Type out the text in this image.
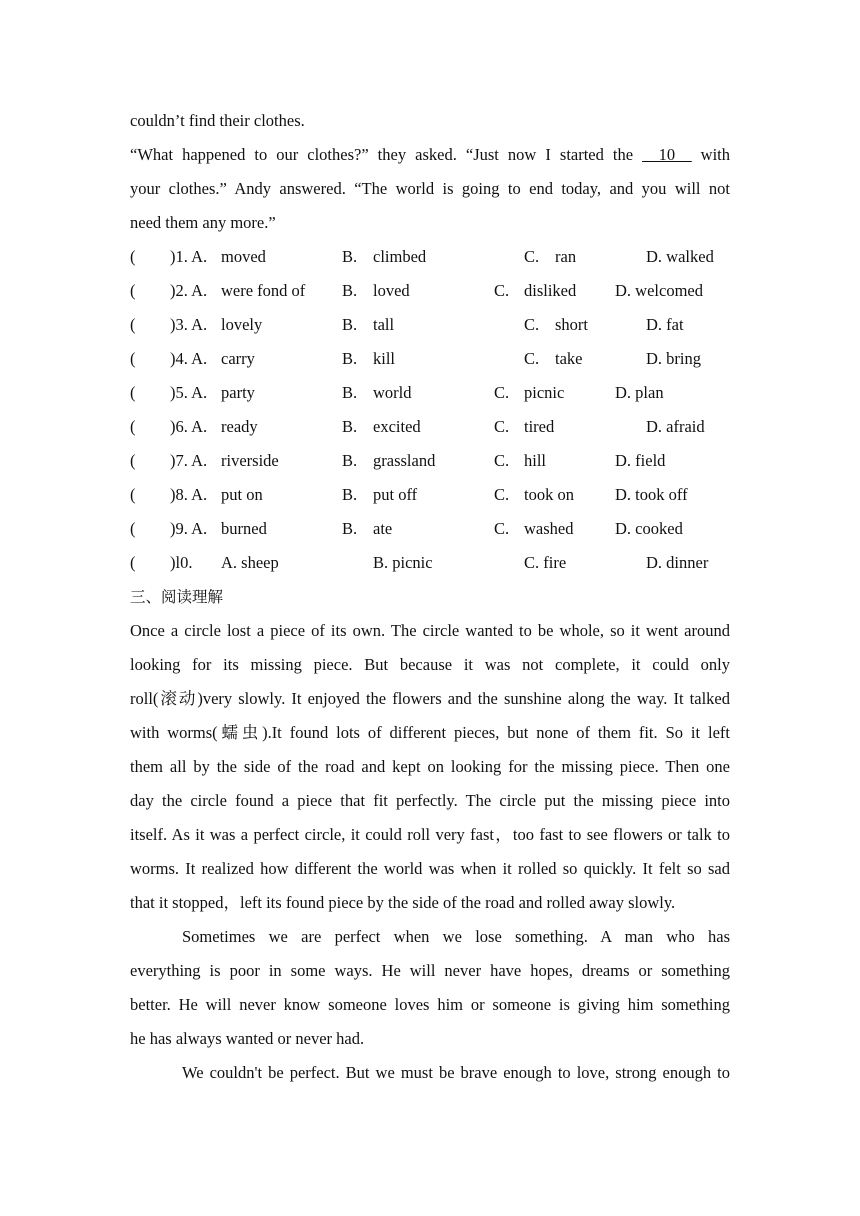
couldn’t find their clothes.
“What happened to our clothes?” they asked. “Just now I started the __10__ with
your clothes.” Andy answered. “The world is going to end today, and you will not
need them any more.”
( )1. A. moved	B. climbed	C. ran	D. walked
( )2. A. were fond of B. loved	C. disliked D. welcomed
( )3. A. lovely	B. tall	C. short	D. fat
( )4. A. carry	B. kill	C. take	D. bring
( )5. A. party	B. world	C. picnic	D. plan
( )6. A. ready	B. excited	C. tired	D. afraid
( )7. A. riverside	B. grassland	C. hill	D. field
( )8. A. put on	B. put off	C. took on D. took off
( )9. A. burned	B. ate	C. washed	D. cooked
( )l0. A. sheep	B. picnic	C. fire	D. dinner
三、阅读理解
Once a circle lost a piece of its own. The circle wanted to be whole, so it went around
looking for its missing piece. But because it was not complete, it could only
roll(滚动)very slowly. It enjoyed the flowers and the sunshine along the way. It talked
with worms(蠕虫).It found lots of different pieces, but none of them fit. So it left
them all by the side of the road and kept on looking for the missing piece. Then one
day the circle found a piece that fit perfectly. The circle put the missing piece into
itself. As it was a perfect circle, it could roll very fast，too fast to see flowers or talk to
worms. It realized how different the world was when it rolled so quickly. It felt so sad
that it stopped，left its found piece by the side of the road and rolled away slowly.
Sometimes we are perfect when we lose something. A man who has
everything is poor in some ways. He will never have hopes, dreams or something
better. He will never know someone loves him or someone is giving him something
he has always wanted or never had.
We couldn't be perfect. But we must be brave enough to love, strong enough to
